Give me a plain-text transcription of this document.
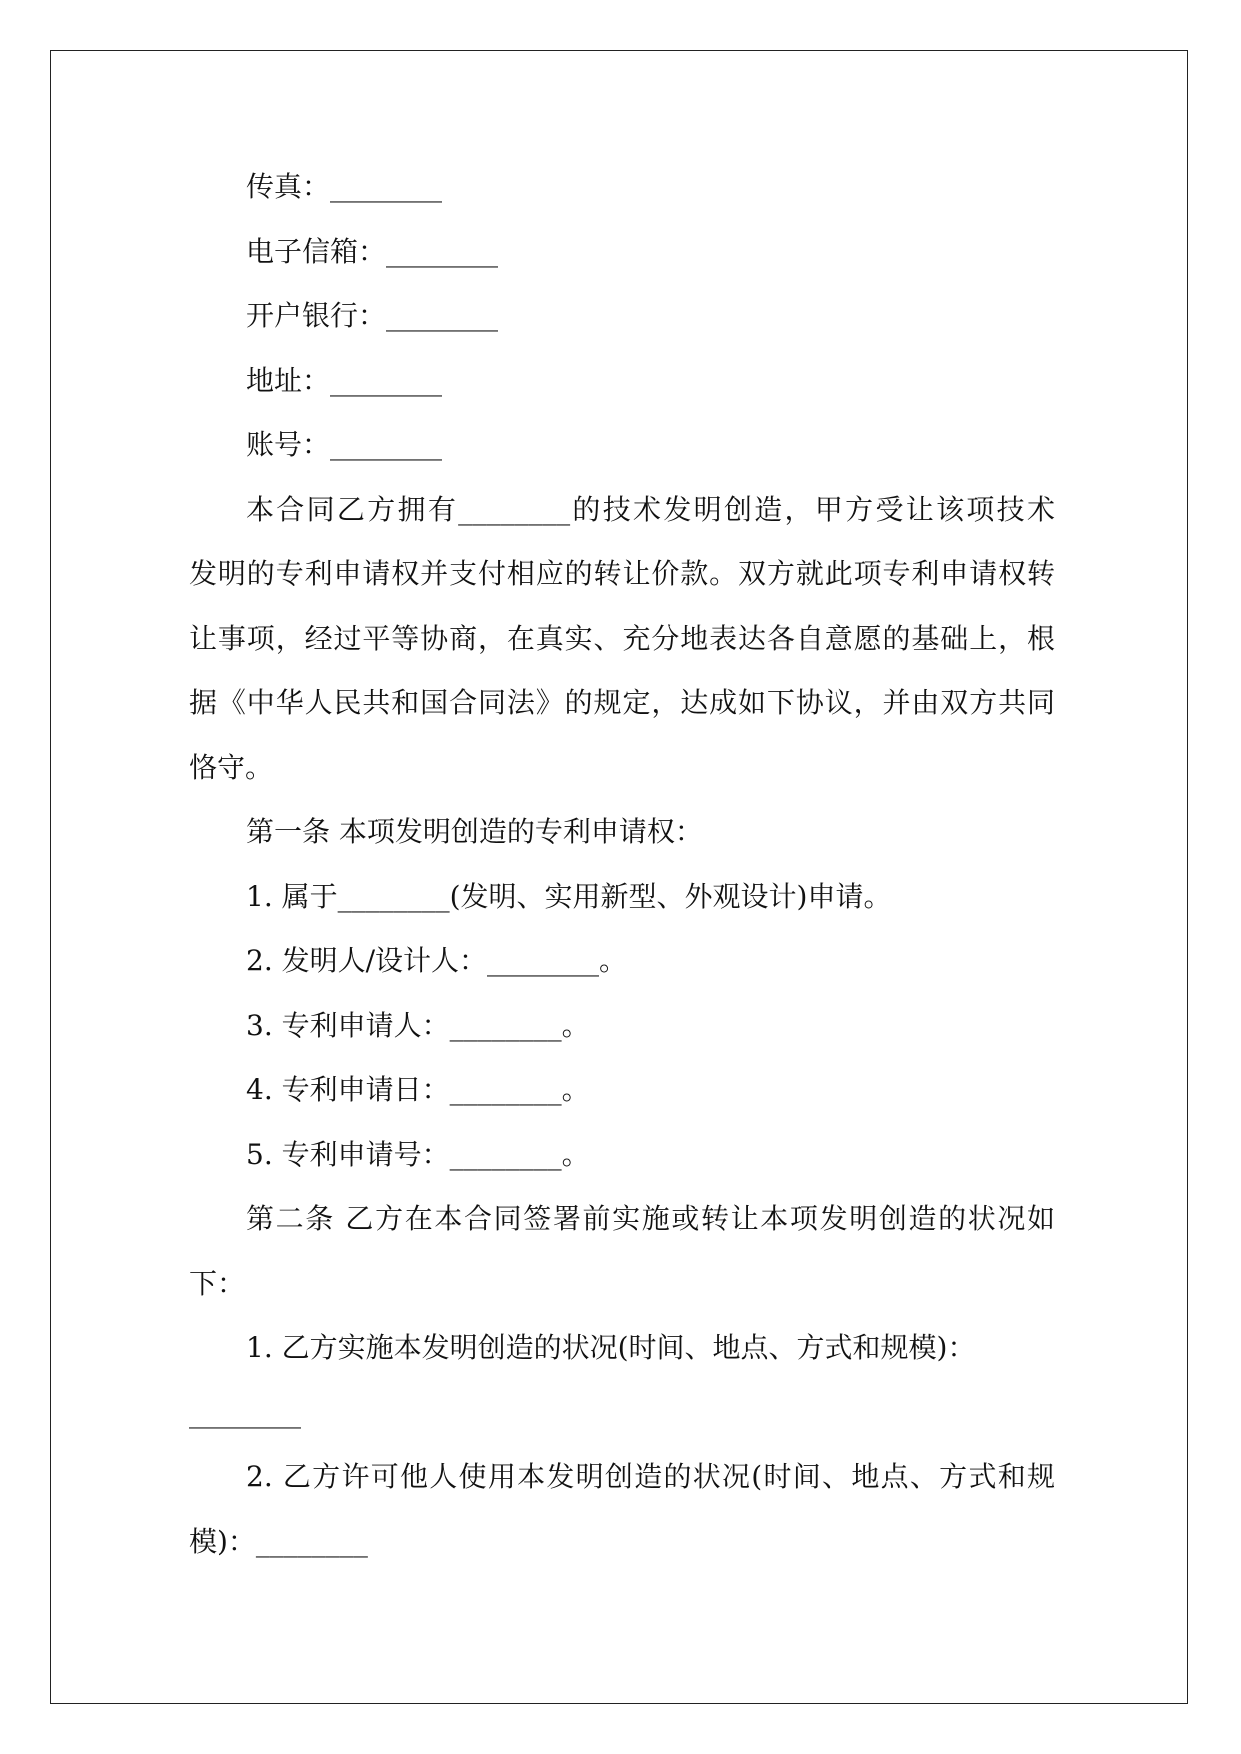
传真：________

电子信箱：________

开户银行：________

地址：________

账号：________

本合同乙方拥有________的技术发明创造，甲方受让该项技术

发明的专利申请权并支付相应的转让价款。双方就此项专利申请权转

让事项，经过平等协商，在真实、充分地表达各自意愿的基础上，根

据《中华人民共和国合同法》的规定，达成如下协议，并由双方共同

恪守。

第一条 本项发明创造的专利申请权：

1. 属于________(发明、实用新型、外观设计)申请。

2. 发明人/设计人：________。

3. 专利申请人：________。

4. 专利申请日：________。

5. 专利申请号：________。

第二条 乙方在本合同签署前实施或转让本项发明创造的状况如

下：

1. 乙方实施本发明创造的状况(时间、地点、方式和规模)：

________

2. 乙方许可他人使用本发明创造的状况(时间、地点、方式和规

模)：________
